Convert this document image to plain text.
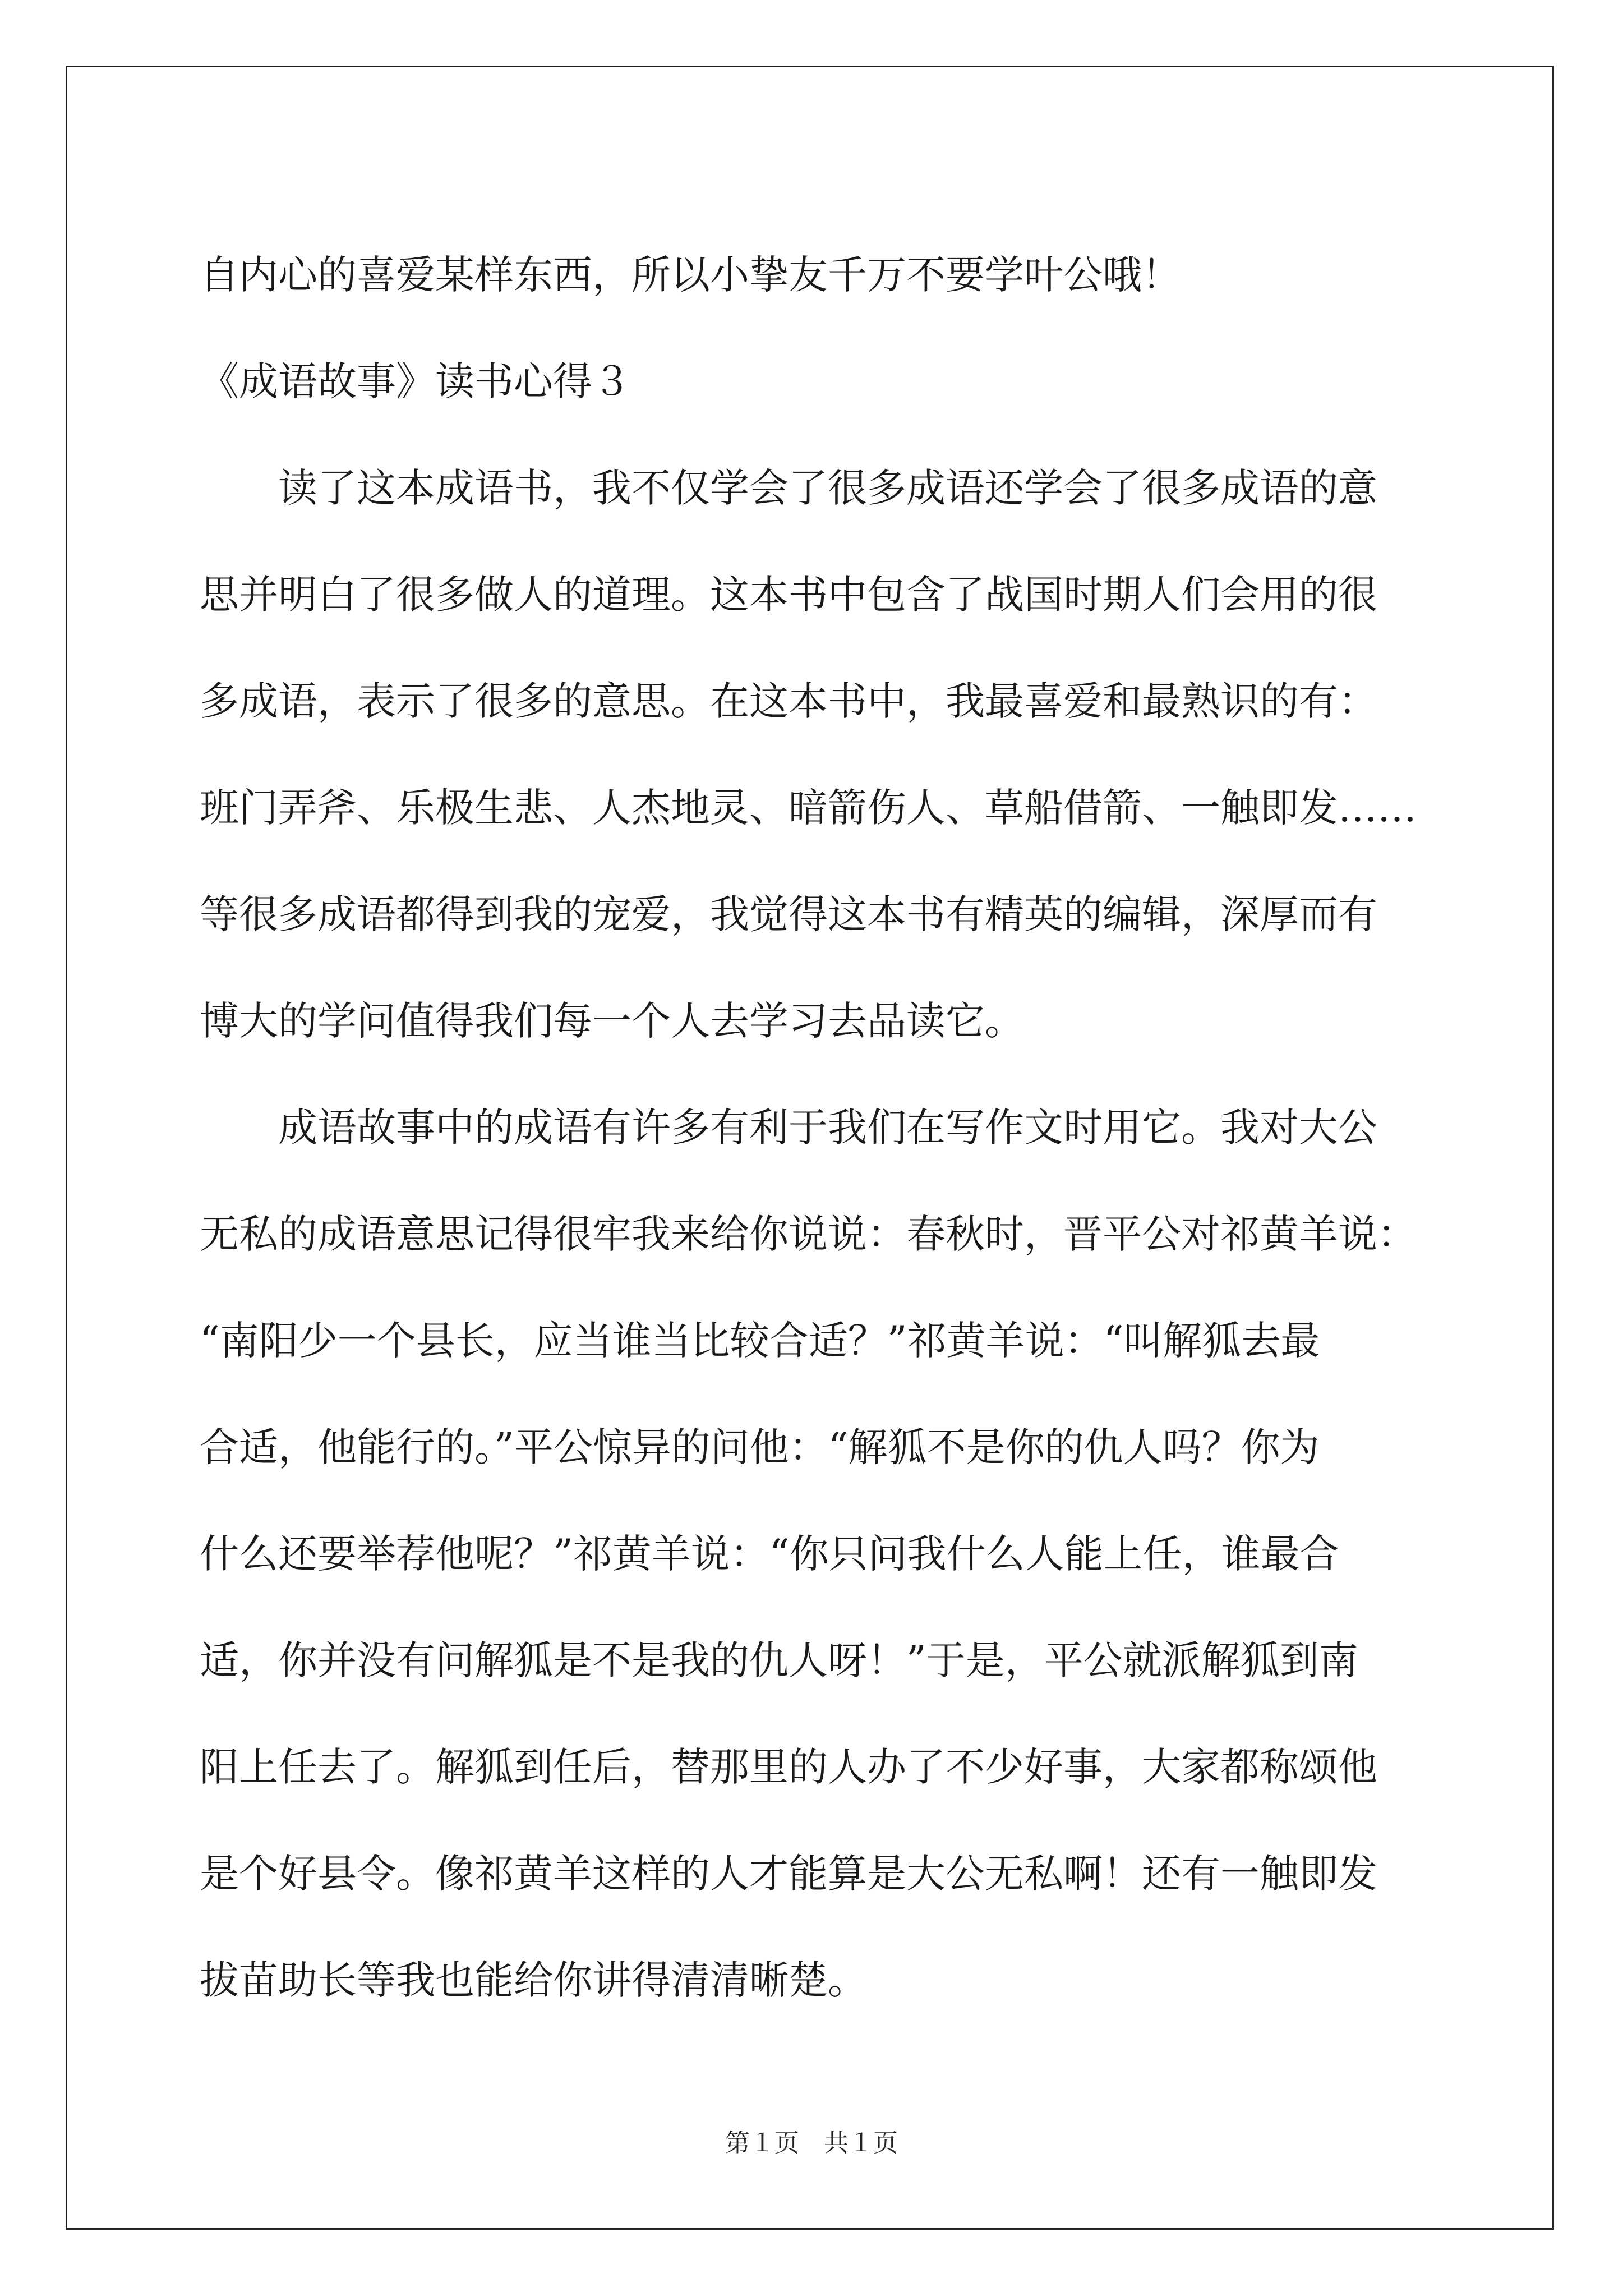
自内心的喜爱某样东西，所以小挚友千万不要学叶公哦！

《成语故事》读书心得３

读了这本成语书，我不仅学会了很多成语还学会了很多成语的意

思并明白了很多做人的道理。这本书中包含了战国时期人们会用的很

多成语，表示了很多的意思。在这本书中，我最喜爱和最熟识的有：

班门弄斧、乐极生悲、人杰地灵、暗箭伤人、草船借箭、一触即发……

等很多成语都得到我的宠爱，我觉得这本书有精英的编辑，深厚而有

博大的学问值得我们每一个人去学习去品读它。

成语故事中的成语有许多有利于我们在写作文时用它。我对大公

无私的成语意思记得很牢我来给你说说：春秋时，晋平公对祁黄羊说：

“南阳少一个县长，应当谁当比较合适？”祁黄羊说：“叫解狐去最

合适，他能行的。”平公惊异的问他：“解狐不是你的仇人吗？你为

什么还要举荐他呢？”祁黄羊说：“你只问我什么人能上任，谁最合

适，你并没有问解狐是不是我的仇人呀！”于是，平公就派解狐到南

阳上任去了。解狐到任后，替那里的人办了不少好事，大家都称颂他

是个好县令。像祁黄羊这样的人才能算是大公无私啊！还有一触即发

拔苗助长等我也能给你讲得清清晰楚。

第１页　共１页
